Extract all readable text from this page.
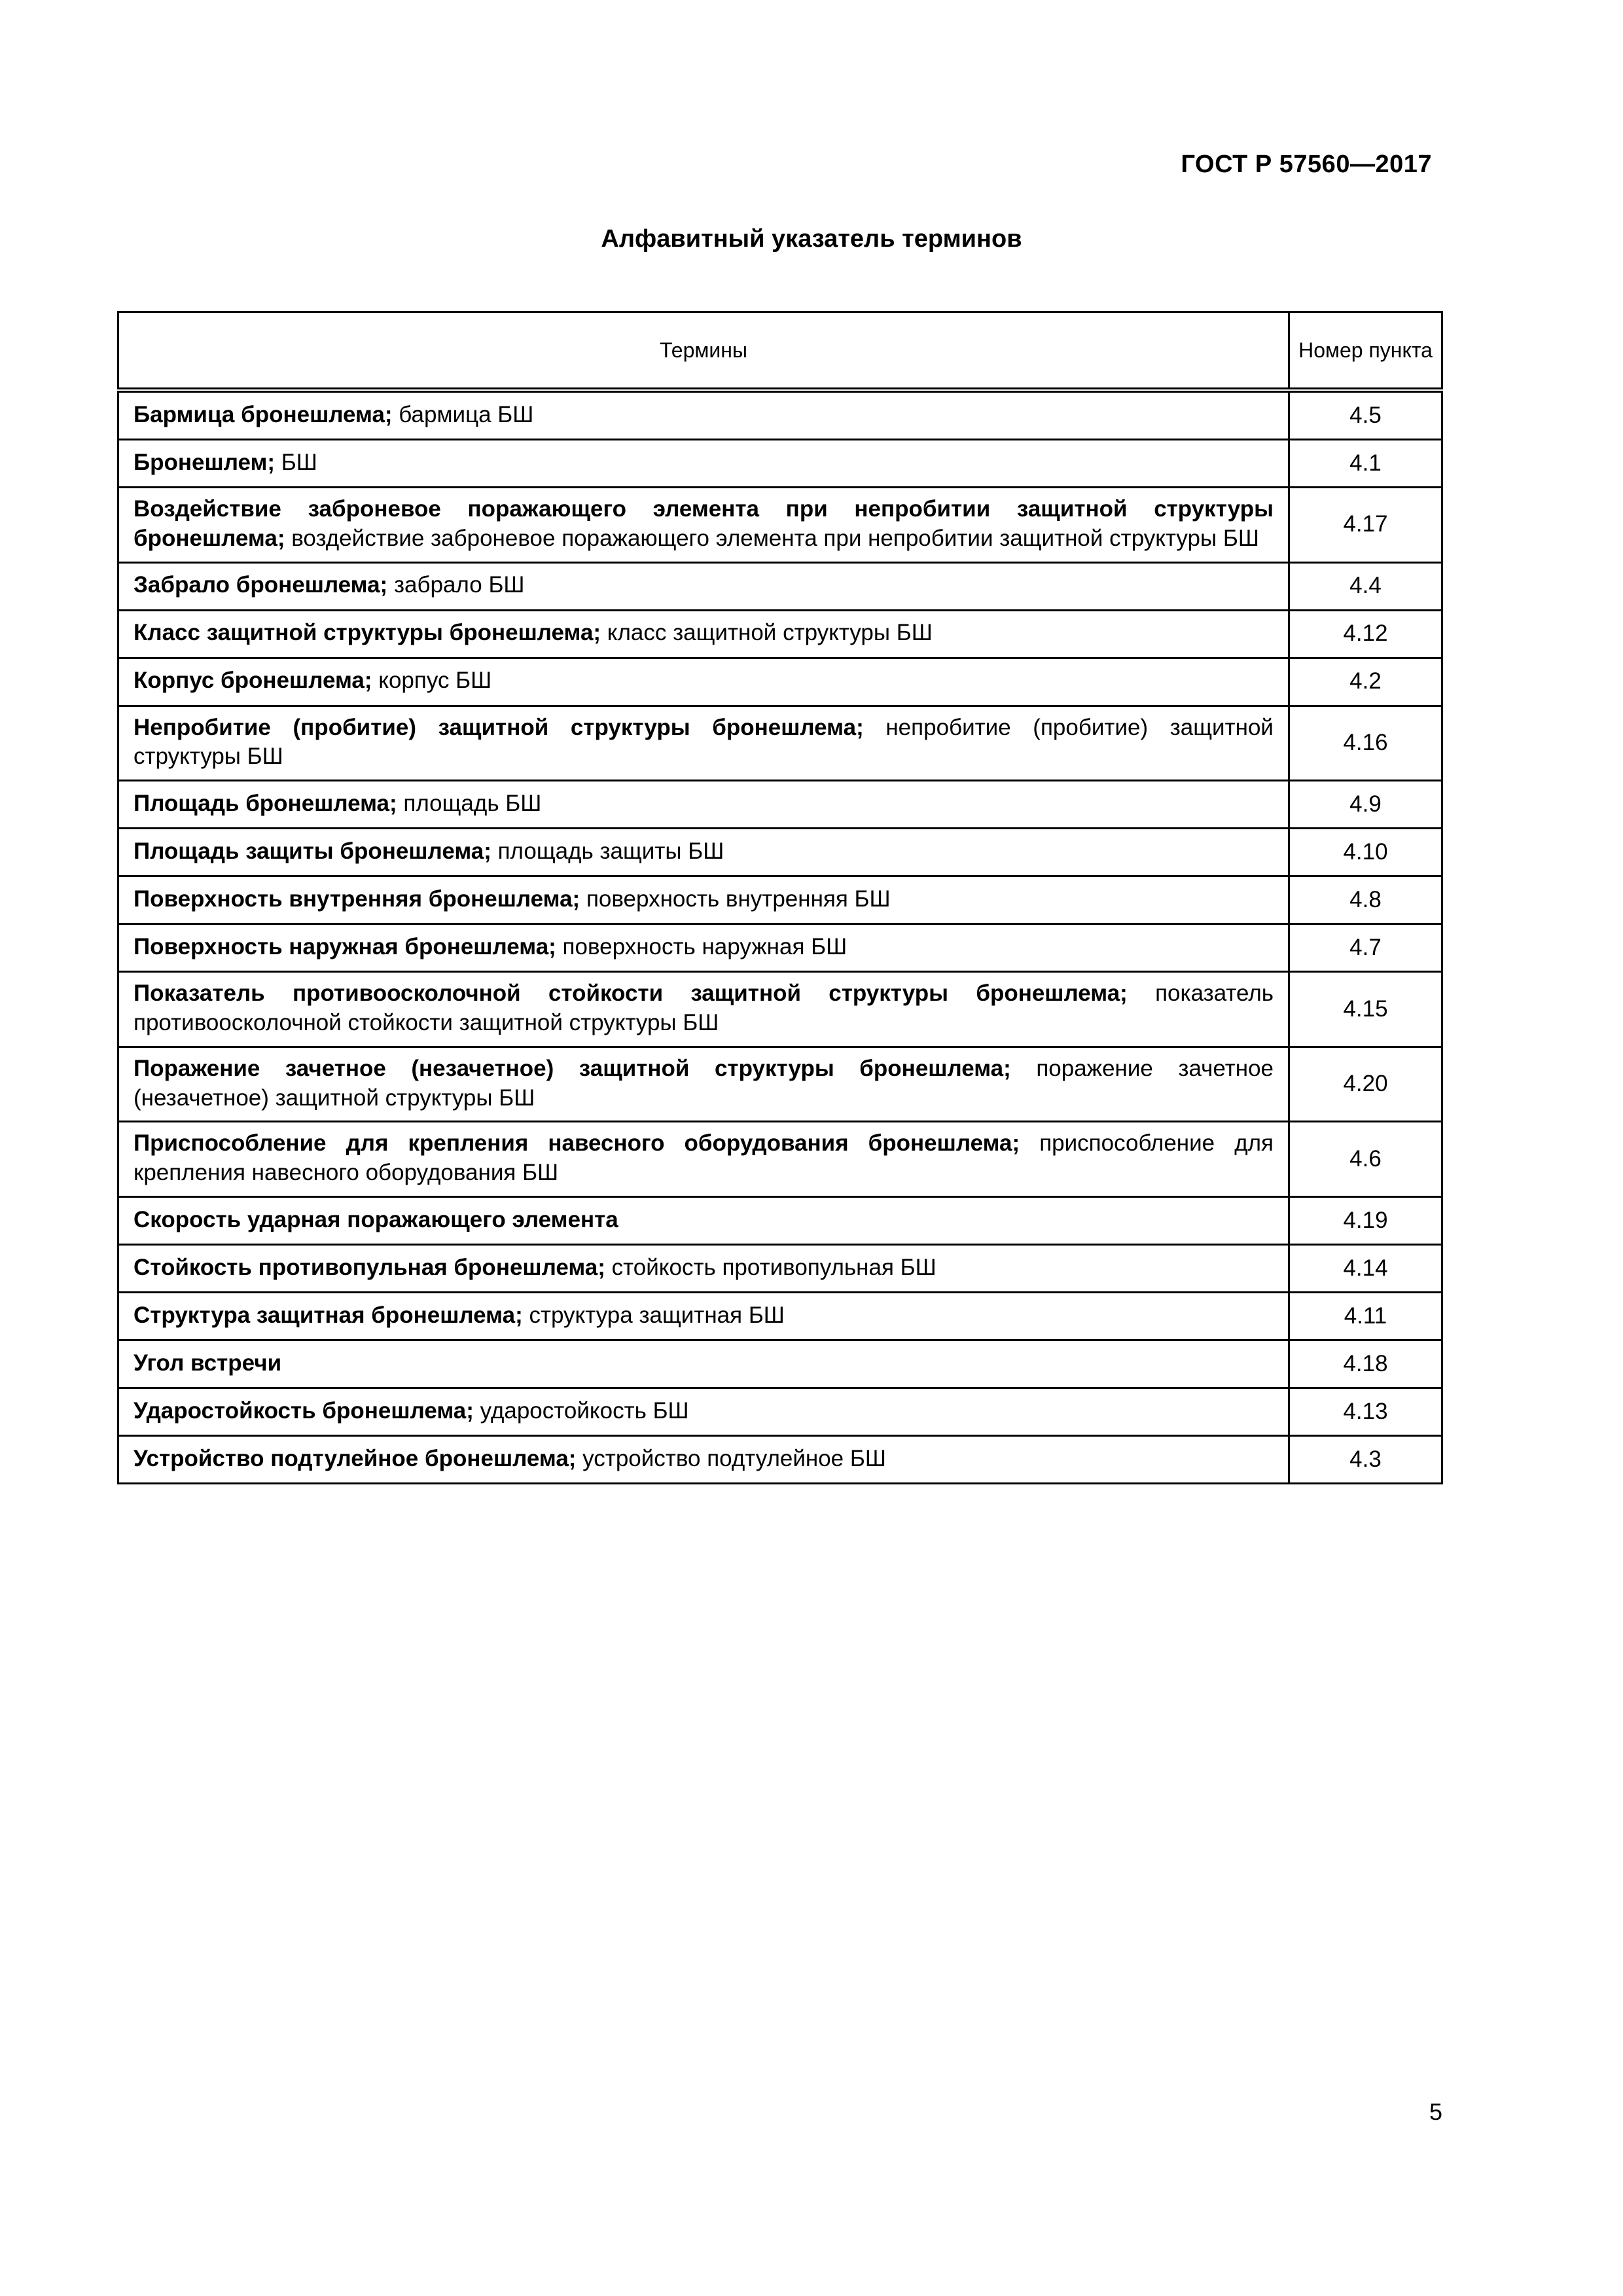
ГОСТ Р 57560—2017
Алфавитный указатель терминов
Термины	Номер пункта
Бармица бронешлема; бармица БШ	4.5
Бронешлем; БШ	4.1
Воздействие заброневое поражающего элемента при непробитии защитной структуры бронешлема; воздействие заброневое поражающего элемента при непробитии защитной структуры БШ	4.17
Забрало бронешлема; забрало БШ	4.4
Класс защитной структуры бронешлема; класс защитной структуры БШ	4.12
Корпус бронешлема; корпус БШ	4.2
Непробитие (пробитие) защитной структуры бронешлема; непробитие (пробитие) защитной структуры БШ	4.16
Площадь бронешлема; площадь БШ	4.9
Площадь защиты бронешлема; площадь защиты БШ	4.10
Поверхность внутренняя бронешлема; поверхность внутренняя БШ	4.8
Поверхность наружная бронешлема; поверхность наружная БШ	4.7
Показатель противоосколочной стойкости защитной структуры бронешлема; показатель противоосколочной стойкости защитной структуры БШ	4.15
Поражение зачетное (незачетное) защитной структуры бронешлема; поражение зачетное (незачетное) защитной структуры БШ	4.20
Приспособление для крепления навесного оборудования бронешлема; приспособление для крепления навесного оборудования БШ	4.6
Скорость ударная поражающего элемента	4.19
Стойкость противопульная бронешлема; стойкость противопульная БШ	4.14
Структура защитная бронешлема; структура защитная БШ	4.11
Угол встречи	4.18
Ударостойкость бронешлема; ударостойкость БШ	4.13
Устройство подтулейное бронешлема; устройство подтулейное БШ	4.3
5
